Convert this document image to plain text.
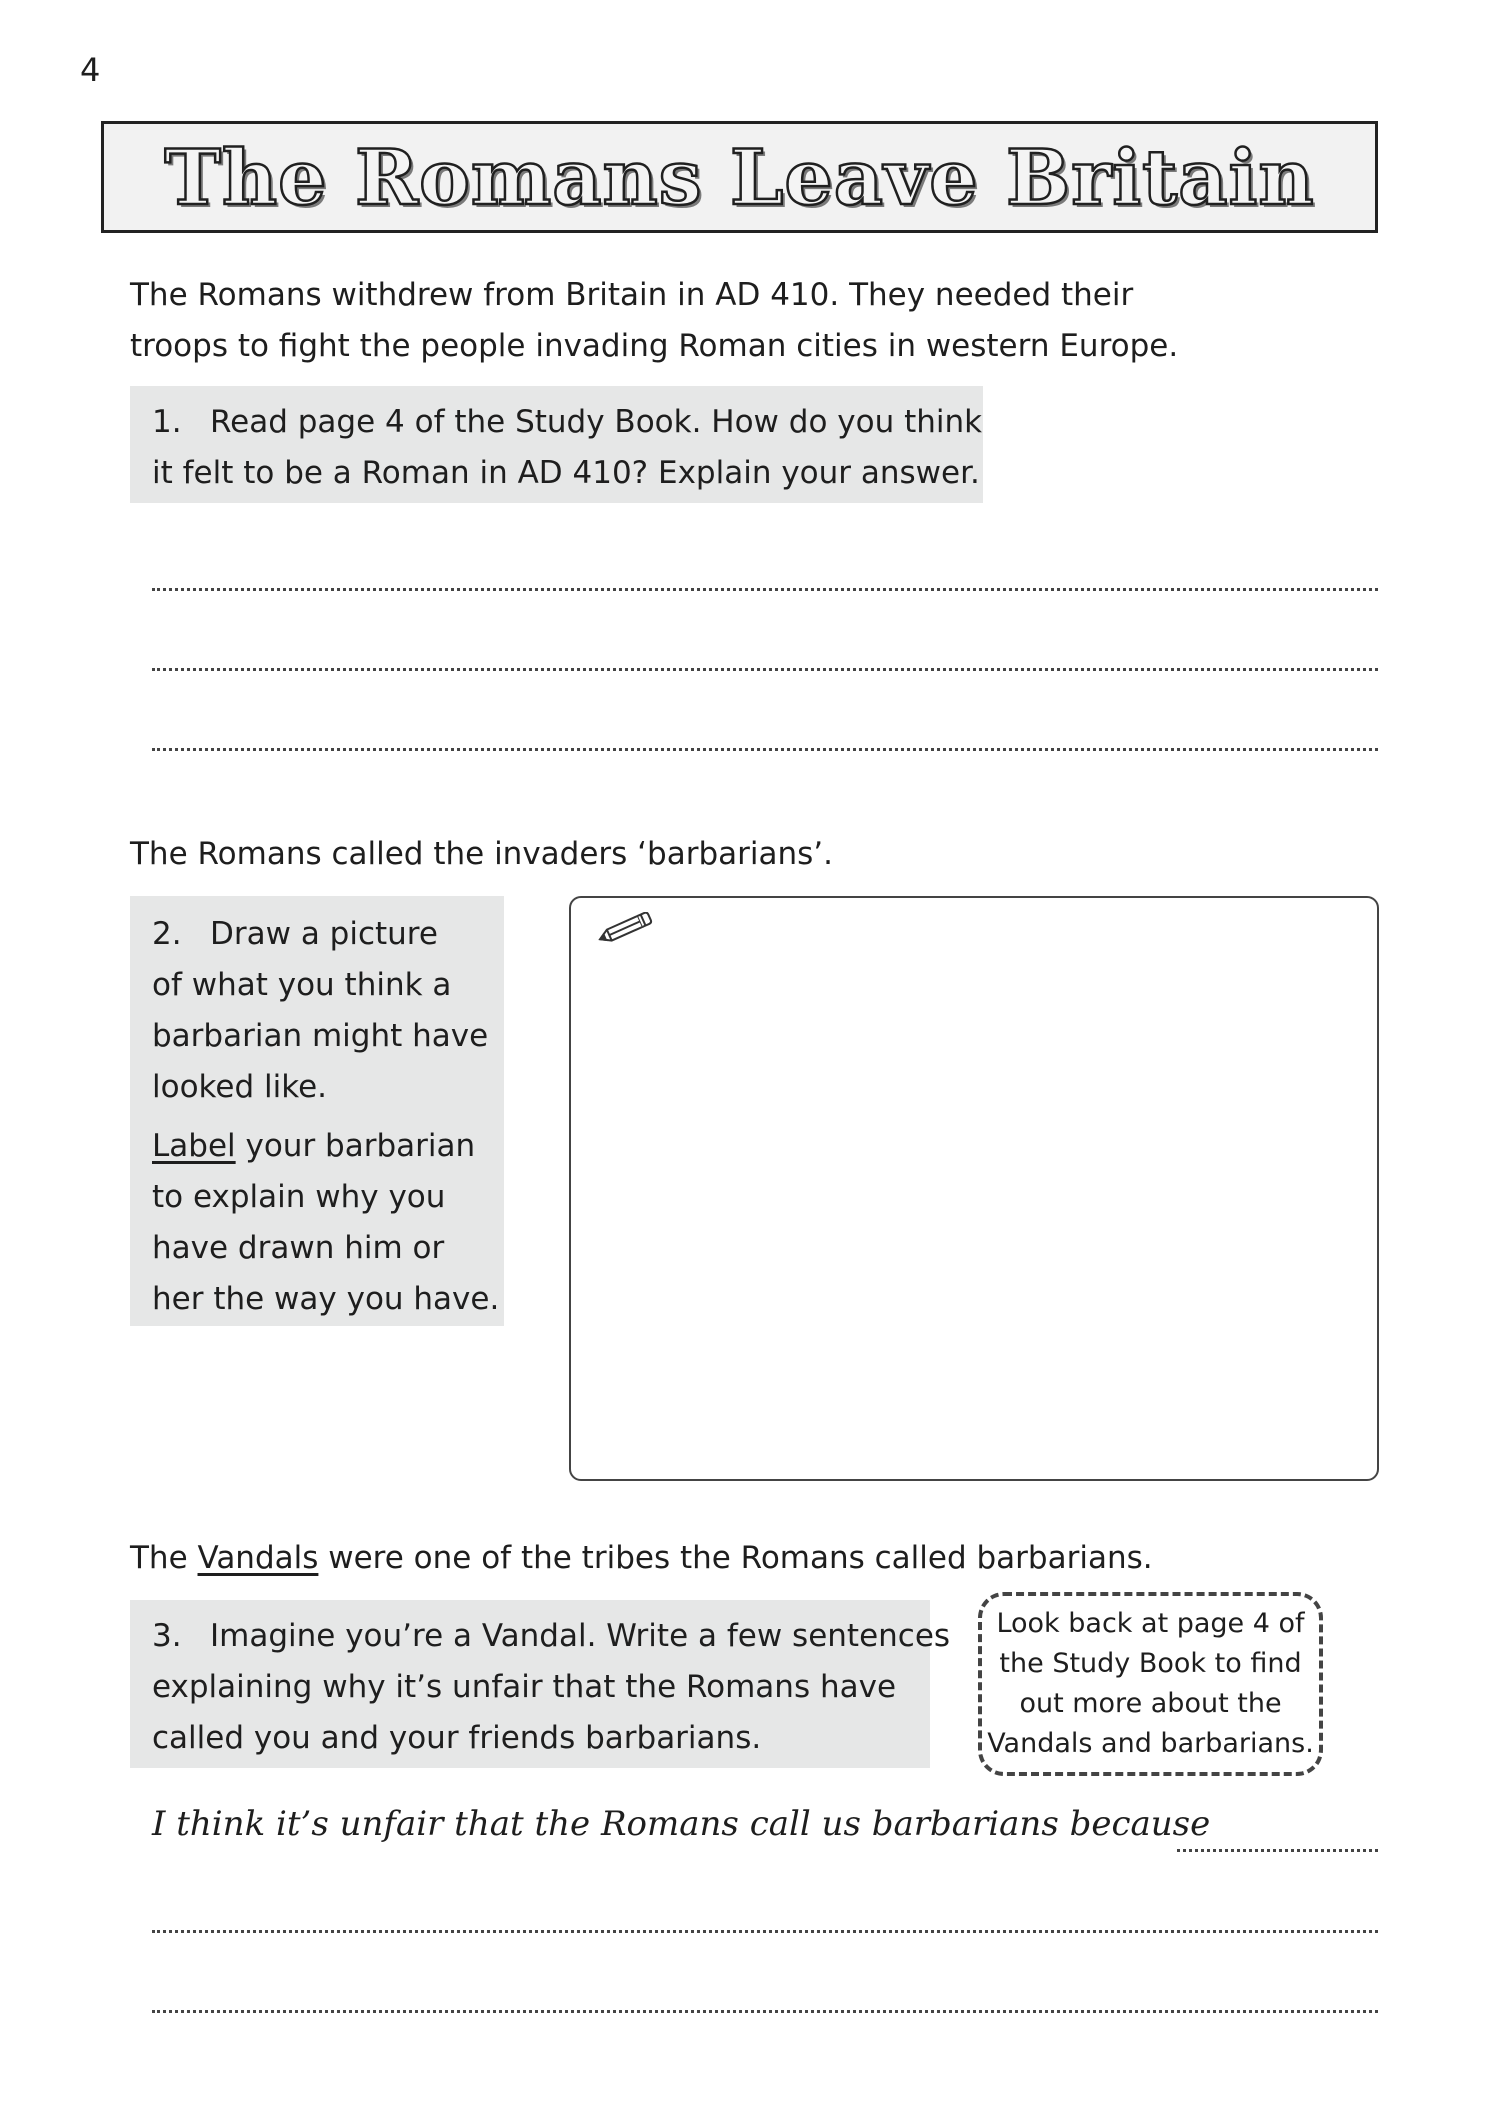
4
The Romans Leave Britain

The Romans withdrew from Britain in AD 410. They needed their

troops to fight the people invading Roman cities in western Europe.

1. Read page 4 of the Study Book. How do you think

it felt to be a Roman in AD 410? Explain your answer.

The Romans called the invaders ‘barbarians’.

2. Draw a picture

of what you think a

barbarian might have

looked like.

Label your barbarian

to explain why you

have drawn him or

her the way you have.

The Vandals were one of the tribes the Romans called barbarians.

3. Imagine you’re a Vandal. Write a few sentences

explaining why it’s unfair that the Romans have

called you and your friends barbarians.

Look back at page 4 of

the Study Book to find

out more about the

Vandals and barbarians.

I think it’s unfair that the Romans call us barbarians because
